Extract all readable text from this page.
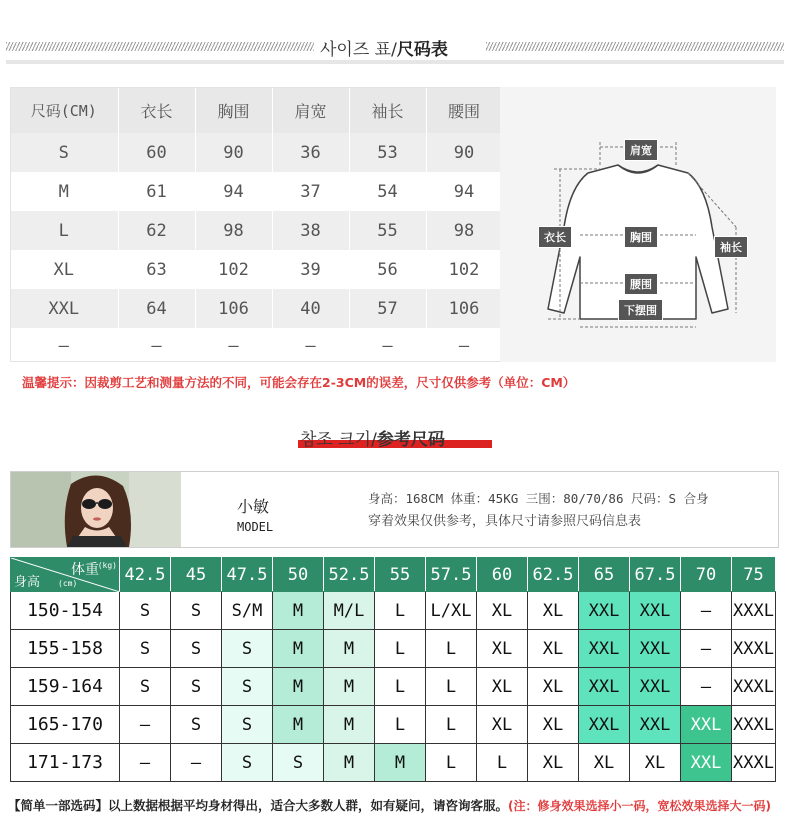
사이즈 표/尺码表
尺码(CM)	衣长	胸围	肩宽	袖长	腰围
S	60	90	36	53	90
M	61	94	37	54	94
L	62	98	38	55	98
XL	63	102	39	56	102
XXL	64	106	40	57	106
—	—	—	—	—	—
肩宽
衣长	胸围
袖长
腰围
下摆围
温馨提示：因裁剪工艺和测量方法的不同，可能会存在2-3CM的误差，尺寸仅供参考（单位：CM）
참조 크기/参考尺码
小敏
MODEL
身高：168CM 体重：45KG 三围：80/70/86 尺码：S 合身
穿着效果仅供参考，具体尺寸请参照尺码信息表
体重
(kg)
身高 (cm)	42.5	45	47.5	50	52.5	55	57.5	60	62.5	65	67.5	70	75
150-154	S	S	S/M	M	M/L	L	L/XL	XL	XL	XXL	XXL	—	XXXL
155-158	S	S	S	M	M	L	L	XL	XL	XXL	XXL	—	XXXL
159-164	S	S	S	M	M	L	L	XL	XL	XXL	XXL	—	XXXL
165-170	—	S	S	M	M	L	L	XL	XL	XXL	XXL	XXL	XXXL
171-173	—	—	S	S	M	M	L	L	XL	XL	XL	XXL	XXXL
【简单一部选码】以上数据根据平均身材得出，适合大多数人群，如有疑问，请咨询客服。(注：修身效果选择小一码，宽松效果选择大一码)
